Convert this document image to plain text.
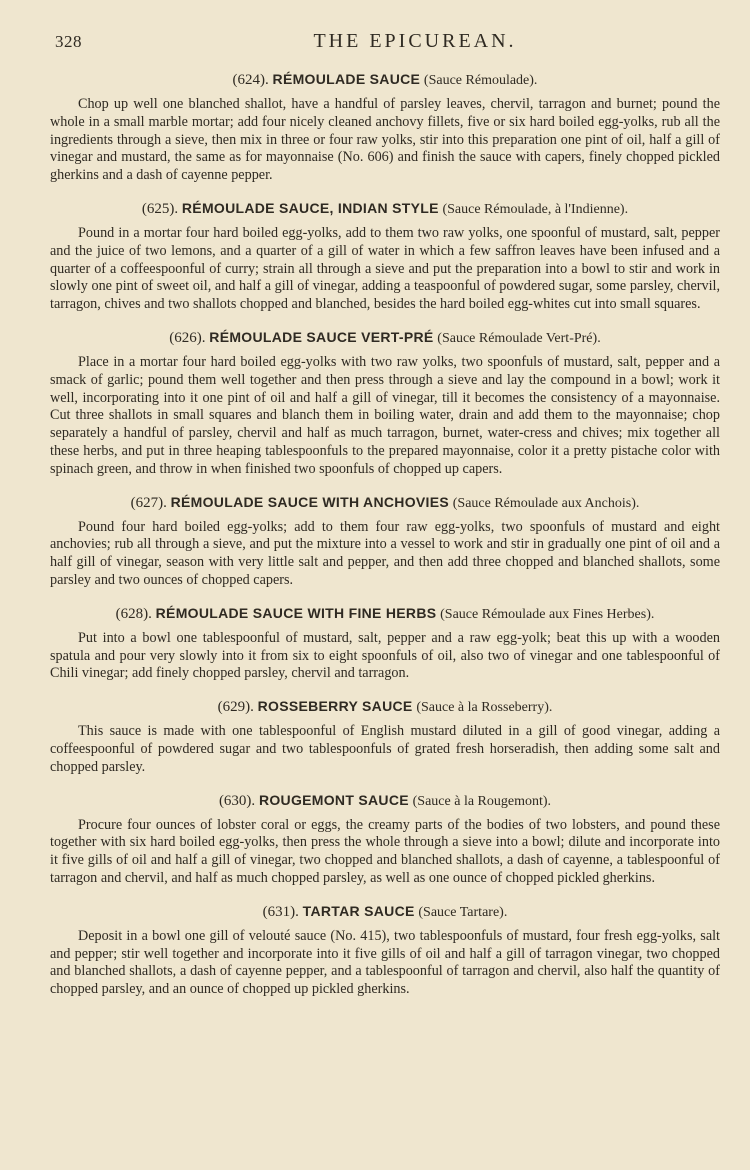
328	THE EPICUREAN.

(624). RÉMOULADE SAUCE (Sauce Rémoulade).

Chop up well one blanched shallot, have a handful of parsley leaves, chervil, tarragon and burnet; pound the whole in a small marble mortar; add four nicely cleaned anchovy fillets, five or six hard boiled egg-yolks, rub all the ingredients through a sieve, then mix in three or four raw yolks, stir into this preparation one pint of oil, half a gill of vinegar and mustard, the same as for mayonnaise (No. 606) and finish the sauce with capers, finely chopped pickled gherkins and a dash of cayenne pepper.

(625). RÉMOULADE SAUCE, INDIAN STYLE (Sauce Rémoulade, à l'Indienne).

Pound in a mortar four hard boiled egg-yolks, add to them two raw yolks, one spoonful of mustard, salt, pepper and the juice of two lemons, and a quarter of a gill of water in which a few saffron leaves have been infused and a quarter of a coffeespoonful of curry; strain all through a sieve and put the preparation into a bowl to stir and work in slowly one pint of sweet oil, and half a gill of vinegar, adding a teaspoonful of powdered sugar, some parsley, chervil, tarragon, chives and two shallots chopped and blanched, besides the hard boiled egg-whites cut into small squares.

(626). RÉMOULADE SAUCE VERT-PRÉ (Sauce Rémoulade Vert-Pré).

Place in a mortar four hard boiled egg-yolks with two raw yolks, two spoonfuls of mustard, salt, pepper and a smack of garlic; pound them well together and then press through a sieve and lay the compound in a bowl; work it well, incorporating into it one pint of oil and half a gill of vinegar, till it becomes the consistency of a mayonnaise. Cut three shallots in small squares and blanch them in boiling water, drain and add them to the mayonnaise; chop separately a handful of parsley, chervil and half as much tarragon, burnet, water-cress and chives; mix together all these herbs, and put in three heaping tablespoonfuls to the prepared mayonnaise, color it a pretty pistache color with spinach green, and throw in when finished two spoonfuls of chopped up capers.

(627). RÉMOULADE SAUCE WITH ANCHOVIES (Sauce Rémoulade aux Anchois).

Pound four hard boiled egg-yolks; add to them four raw egg-yolks, two spoonfuls of mustard and eight anchovies; rub all through a sieve, and put the mixture into a vessel to work and stir in gradually one pint of oil and a half gill of vinegar, season with very little salt and pepper, and then add three chopped and blanched shallots, some parsley and two ounces of chopped capers.

(628). RÉMOULADE SAUCE WITH FINE HERBS (Sauce Rémoulade aux Fines Herbes).

Put into a bowl one tablespoonful of mustard, salt, pepper and a raw egg-yolk; beat this up with a wooden spatula and pour very slowly into it from six to eight spoonfuls of oil, also two of vinegar and one tablespoonful of Chili vinegar; add finely chopped parsley, chervil and tarragon.

(629). ROSSEBERRY SAUCE (Sauce à la Rosseberry).

This sauce is made with one tablespoonful of English mustard diluted in a gill of good vinegar, adding a coffeespoonful of powdered sugar and two tablespoonfuls of grated fresh horseradish, then adding some salt and chopped parsley.

(630). ROUGEMONT SAUCE (Sauce à la Rougemont).

Procure four ounces of lobster coral or eggs, the creamy parts of the bodies of two lobsters, and pound these together with six hard boiled egg-yolks, then press the whole through a sieve into a bowl; dilute and incorporate into it five gills of oil and half a gill of vinegar, two chopped and blanched shallots, a dash of cayenne, a tablespoonful of tarragon and chervil, and half as much chopped parsley, as well as one ounce of chopped pickled gherkins.

(631). TARTAR SAUCE (Sauce Tartare).

Deposit in a bowl one gill of velouté sauce (No. 415), two tablespoonfuls of mustard, four fresh egg-yolks, salt and pepper; stir well together and incorporate into it five gills of oil and half a gill of tarragon vinegar, two chopped and blanched shallots, a dash of cayenne pepper, and a tablespoonful of tarragon and chervil, also half the quantity of chopped parsley, and an ounce of chopped up pickled gherkins.
